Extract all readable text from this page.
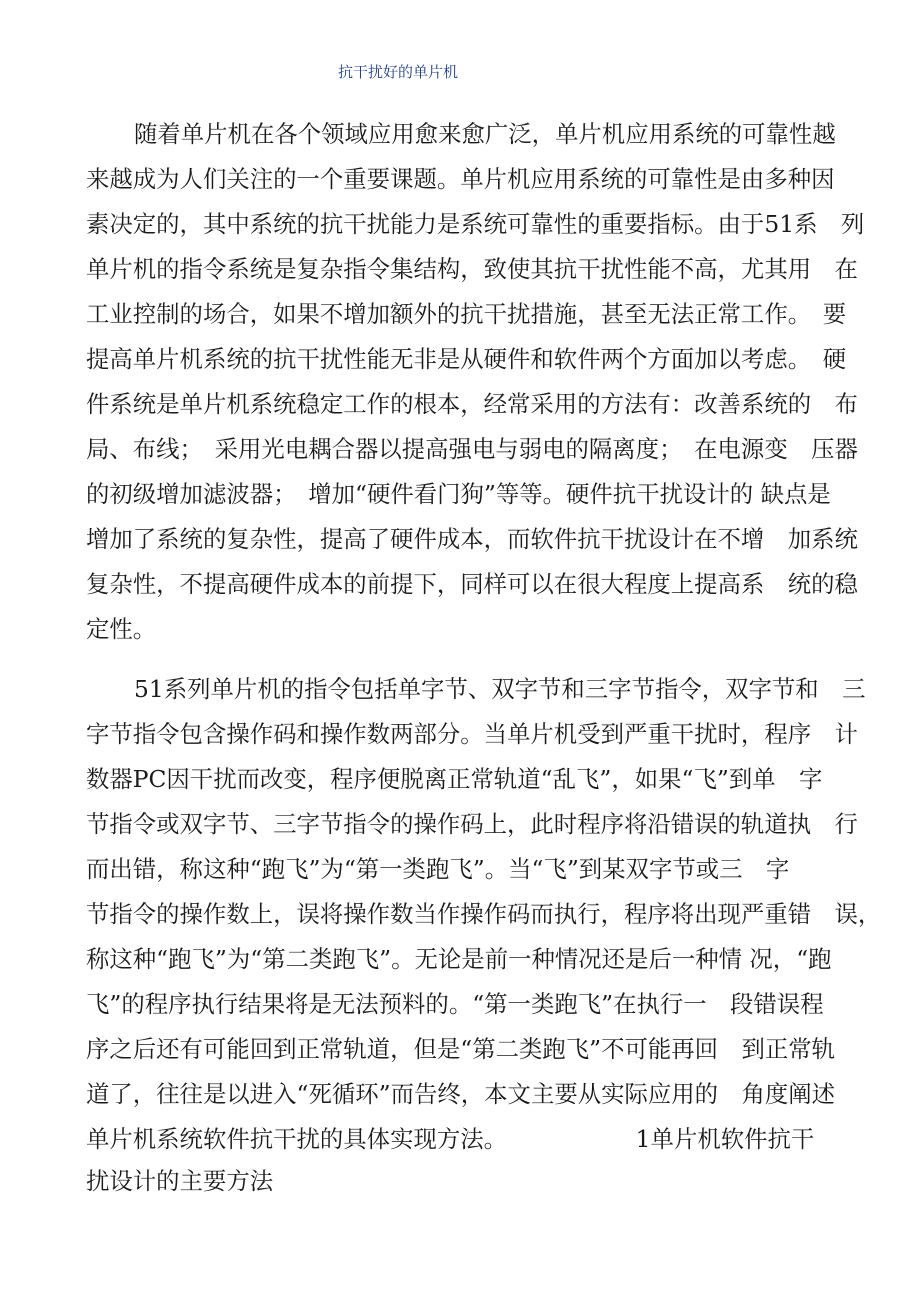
抗干扰好的单片机
随着单片机在各个领域应用愈来愈广泛，单片机应用系统的可靠性越
来越成为人们关注的一个重要课题。单片机应用系统的可靠性是由多种因
素决定的，其中系统的抗干扰能力是系统可靠性的重要指标。由于51系　列
单片机的指令系统是复杂指令集结构，致使其抗干扰性能不高，尤其用　在
工业控制的场合，如果不增加额外的抗干扰措施，甚至无法正常工作。　要
提高单片机系统的抗干扰性能无非是从硬件和软件两个方面加以考虑。　硬
件系统是单片机系统稳定工作的根本，经常采用的方法有：改善系统的　布
局、布线；　采用光电耦合器以提高强电与弱电的隔离度；　在电源变　压器
的初级增加滤波器；　增加“硬件看门狗”等等。硬件抗干扰设计的 缺点是
增加了系统的复杂性，提高了硬件成本，而软件抗干扰设计在不增　加系统
复杂性，不提高硬件成本的前提下，同样可以在很大程度上提高系　统的稳
定性。
51系列单片机的指令包括单字节、双字节和三字节指令，双字节和　三
字节指令包含操作码和操作数两部分。当单片机受到严重干扰时，程序　计
数器PC因干扰而改变，程序便脱离正常轨道“乱飞”，如果“飞”到单　字
节指令或双字节、三字节指令的操作码上，此时程序将沿错误的轨道执　行
而出错，称这种“跑飞”为“第一类跑飞”。当“飞”到某双字节或三　字
节指令的操作数上，误将操作数当作操作码而执行，程序将出现严重错　误，
称这种“跑飞”为“第二类跑飞”。无论是前一种情况还是后一种情 况，“跑
飞”的程序执行结果将是无法预料的。“第一类跑飞”在执行一　段错误程
序之后还有可能回到正常轨道，但是“第二类跑飞”不可能再回　到正常轨
道了，往往是以进入“死循环”而告终，本文主要从实际应用的　角度阐述
单片机系统软件抗干扰的具体实现方法。　　　　　　1单片机软件抗干
扰设计的主要方法
